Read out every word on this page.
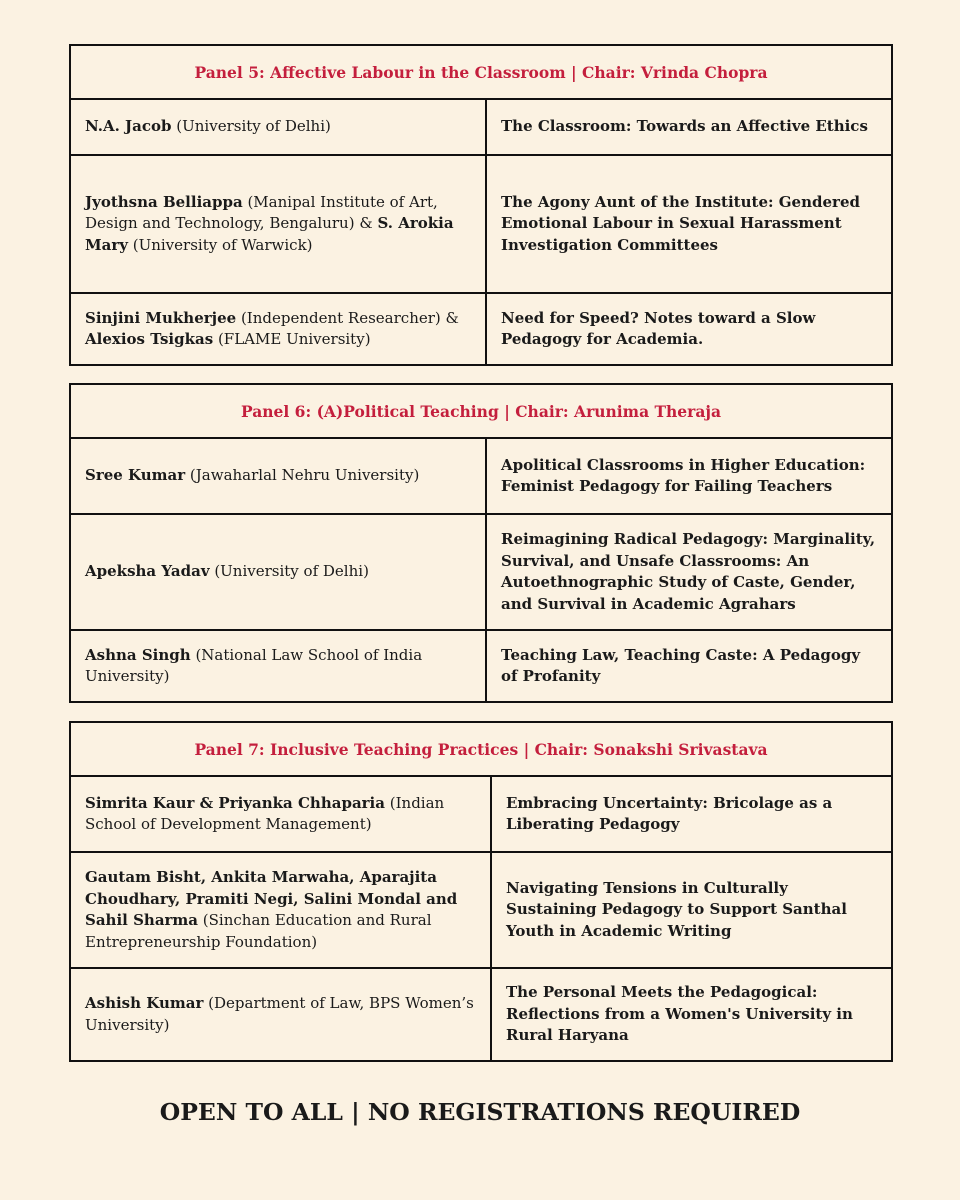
Panel 5: Affective Labour in the Classroom | Chair: Vrinda Chopra
N.A. Jacob (University of Delhi)	The Classroom: Towards an Affective Ethics
Jyothsna Belliappa (Manipal Institute of Art, Design and Technology, Bengaluru) & S. Arokia Mary (University of Warwick)
The Agony Aunt of the Institute: Gendered Emotional Labour in Sexual Harassment Investigation Committees
Sinjini Mukherjee (Independent Researcher) & Alexios Tsigkas (FLAME University)
Need for Speed? Notes toward a Slow Pedagogy for Academia.
Panel 6: (A)Political Teaching | Chair: Arunima Theraja
Sree Kumar (Jawaharlal Nehru University)
Apolitical Classrooms in Higher Education: Feminist Pedagogy for Failing Teachers
Apeksha Yadav (University of Delhi)
Reimagining Radical Pedagogy: Marginality, Survival, and Unsafe Classrooms: An Autoethnographic Study of Caste, Gender, and Survival in Academic Agrahars
Ashna Singh (National Law School of India University)
Teaching Law, Teaching Caste: A Pedagogy of Profanity
Panel 7: Inclusive Teaching Practices | Chair: Sonakshi Srivastava
Simrita Kaur & Priyanka Chhaparia (Indian School of Development Management)
Embracing Uncertainty: Bricolage as a Liberating Pedagogy
Gautam Bisht, Ankita Marwaha, Aparajita Choudhary, Pramiti Negi, Salini Mondal and Sahil Sharma (Sinchan Education and Rural Entrepreneurship Foundation)
Navigating Tensions in Culturally Sustaining Pedagogy to Support Santhal Youth in Academic Writing
Ashish Kumar (Department of Law, BPS Women’s University)
The Personal Meets the Pedagogical: Reflections from a Women's University in Rural Haryana
OPEN TO ALL | NO REGISTRATIONS REQUIRED
